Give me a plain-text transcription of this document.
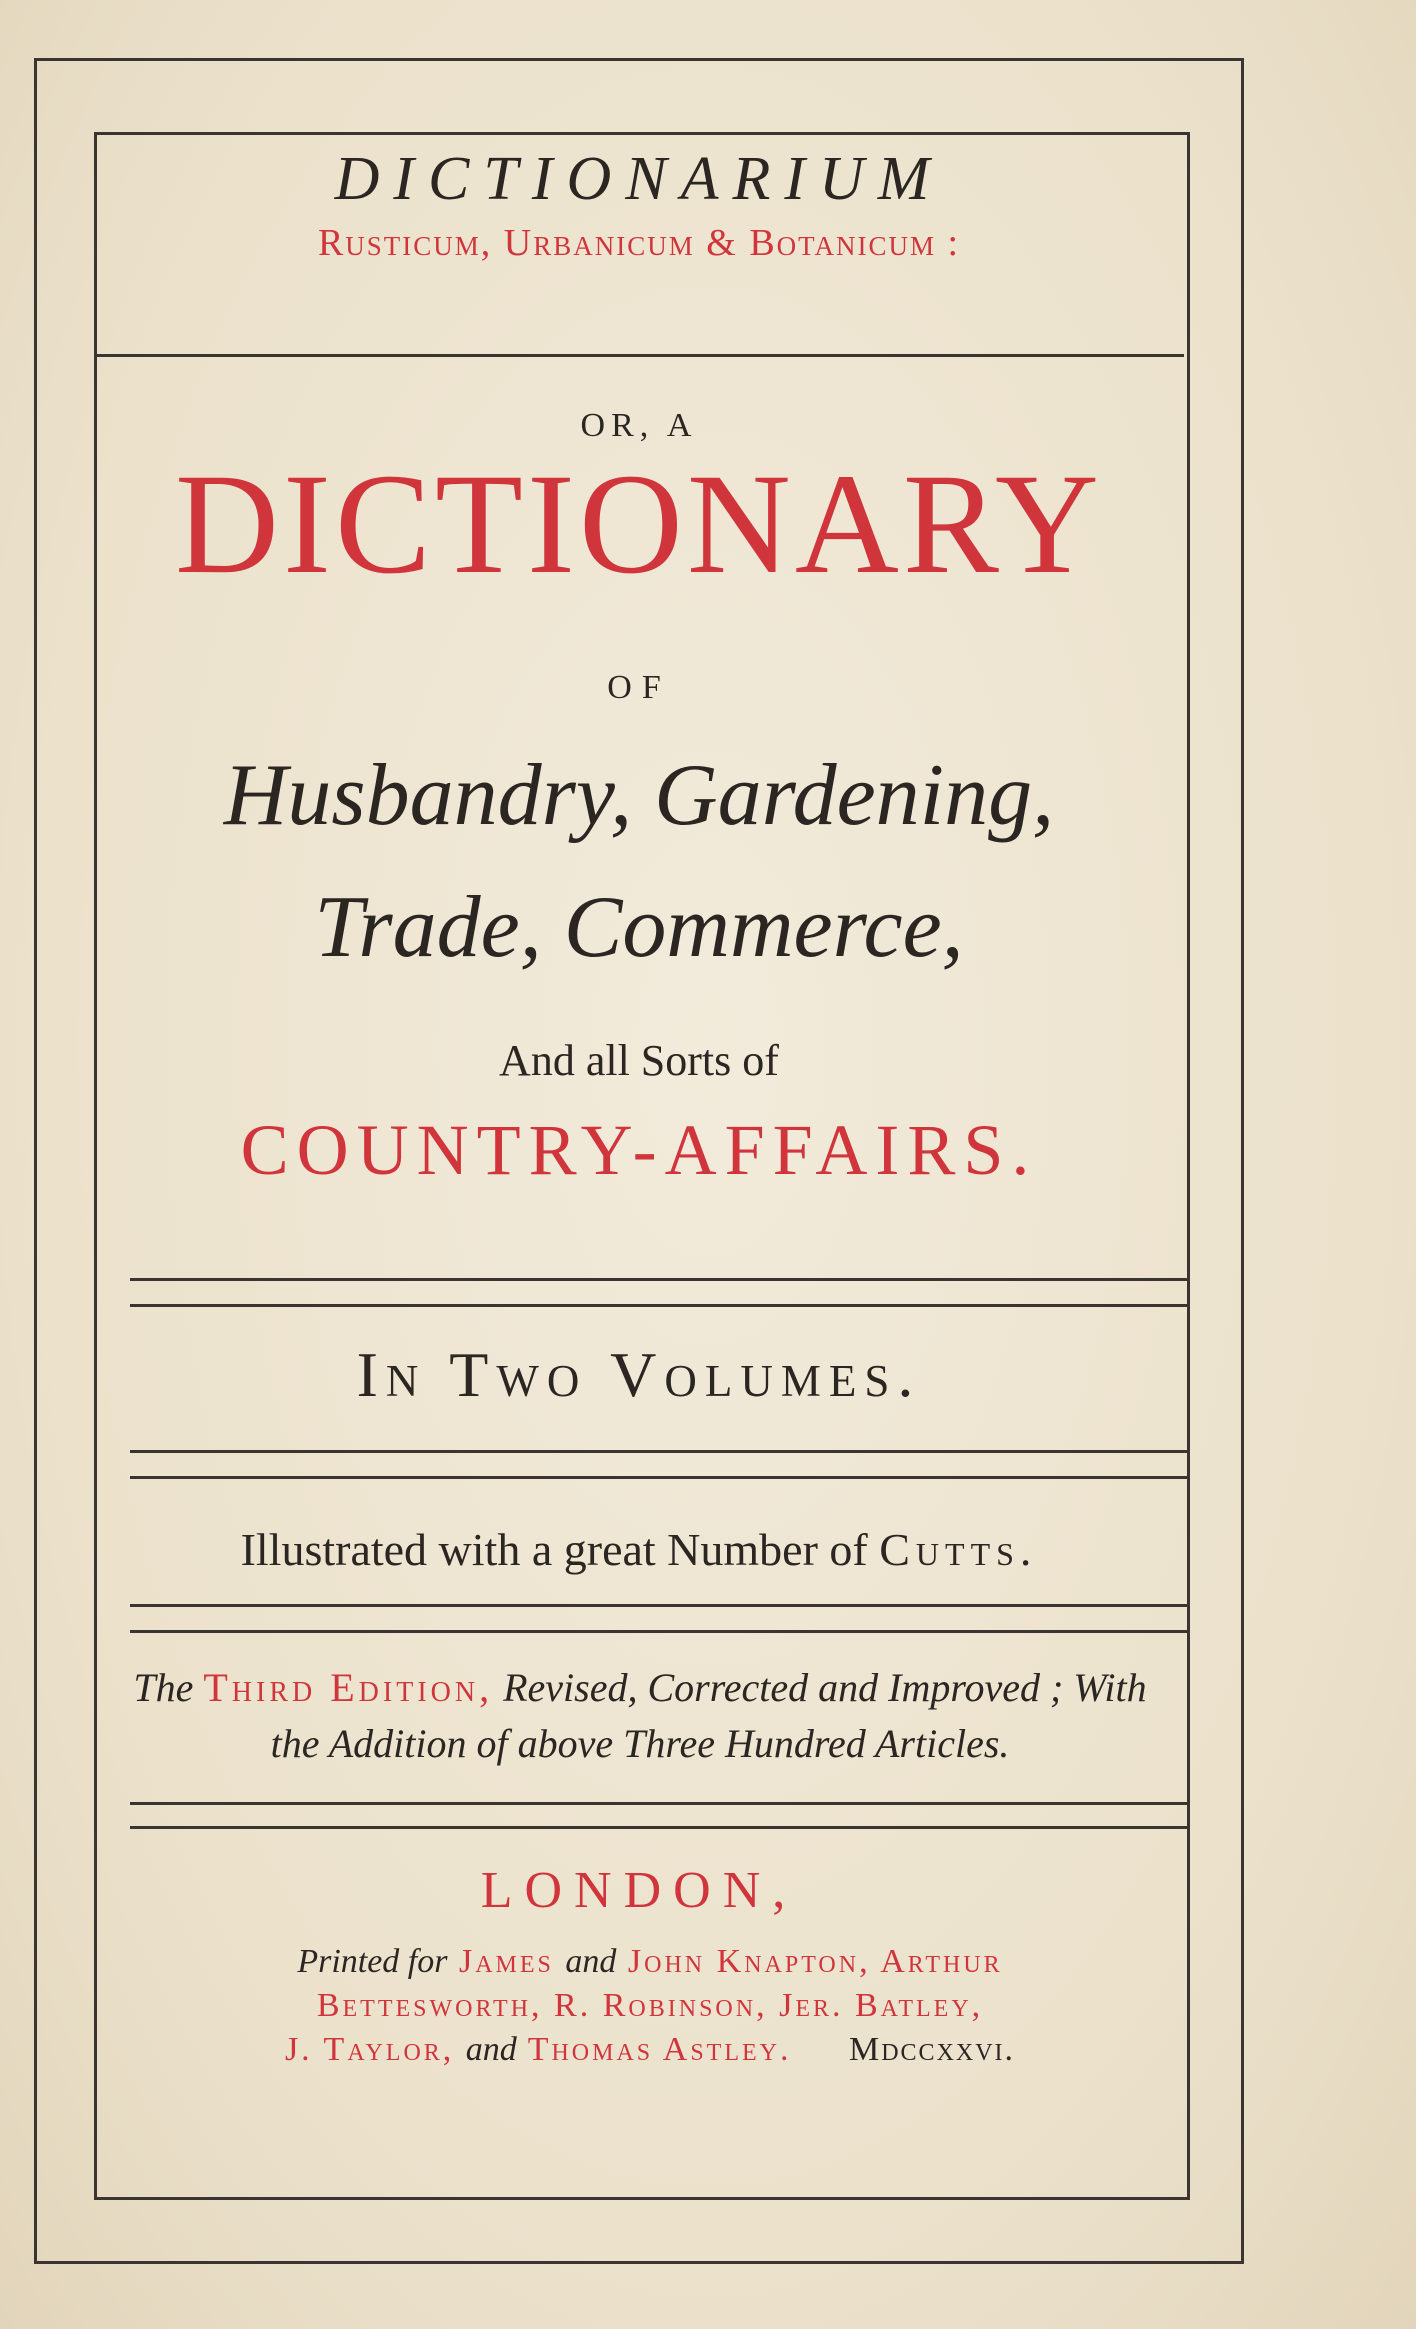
DICTIONARIUM

Rusticum, Urbanicum & Botanicum :

OR, A

DICTIONARY

OF

Husbandry, Gardening,

Trade, Commerce,

And all Sorts of

COUNTRY-AFFAIRS.

In Two Volumes.

Illustrated with a great Number of Cutts.

The Third Edition, Revised, Corrected and Improved ; With the Addition of above Three Hundred Articles.

LONDON,

Printed for James and John Knapton, Arthur
Bettesworth, R. Robinson, Jer. Batley,
J. Taylor, and Thomas Astley. Mdccxxvi.
